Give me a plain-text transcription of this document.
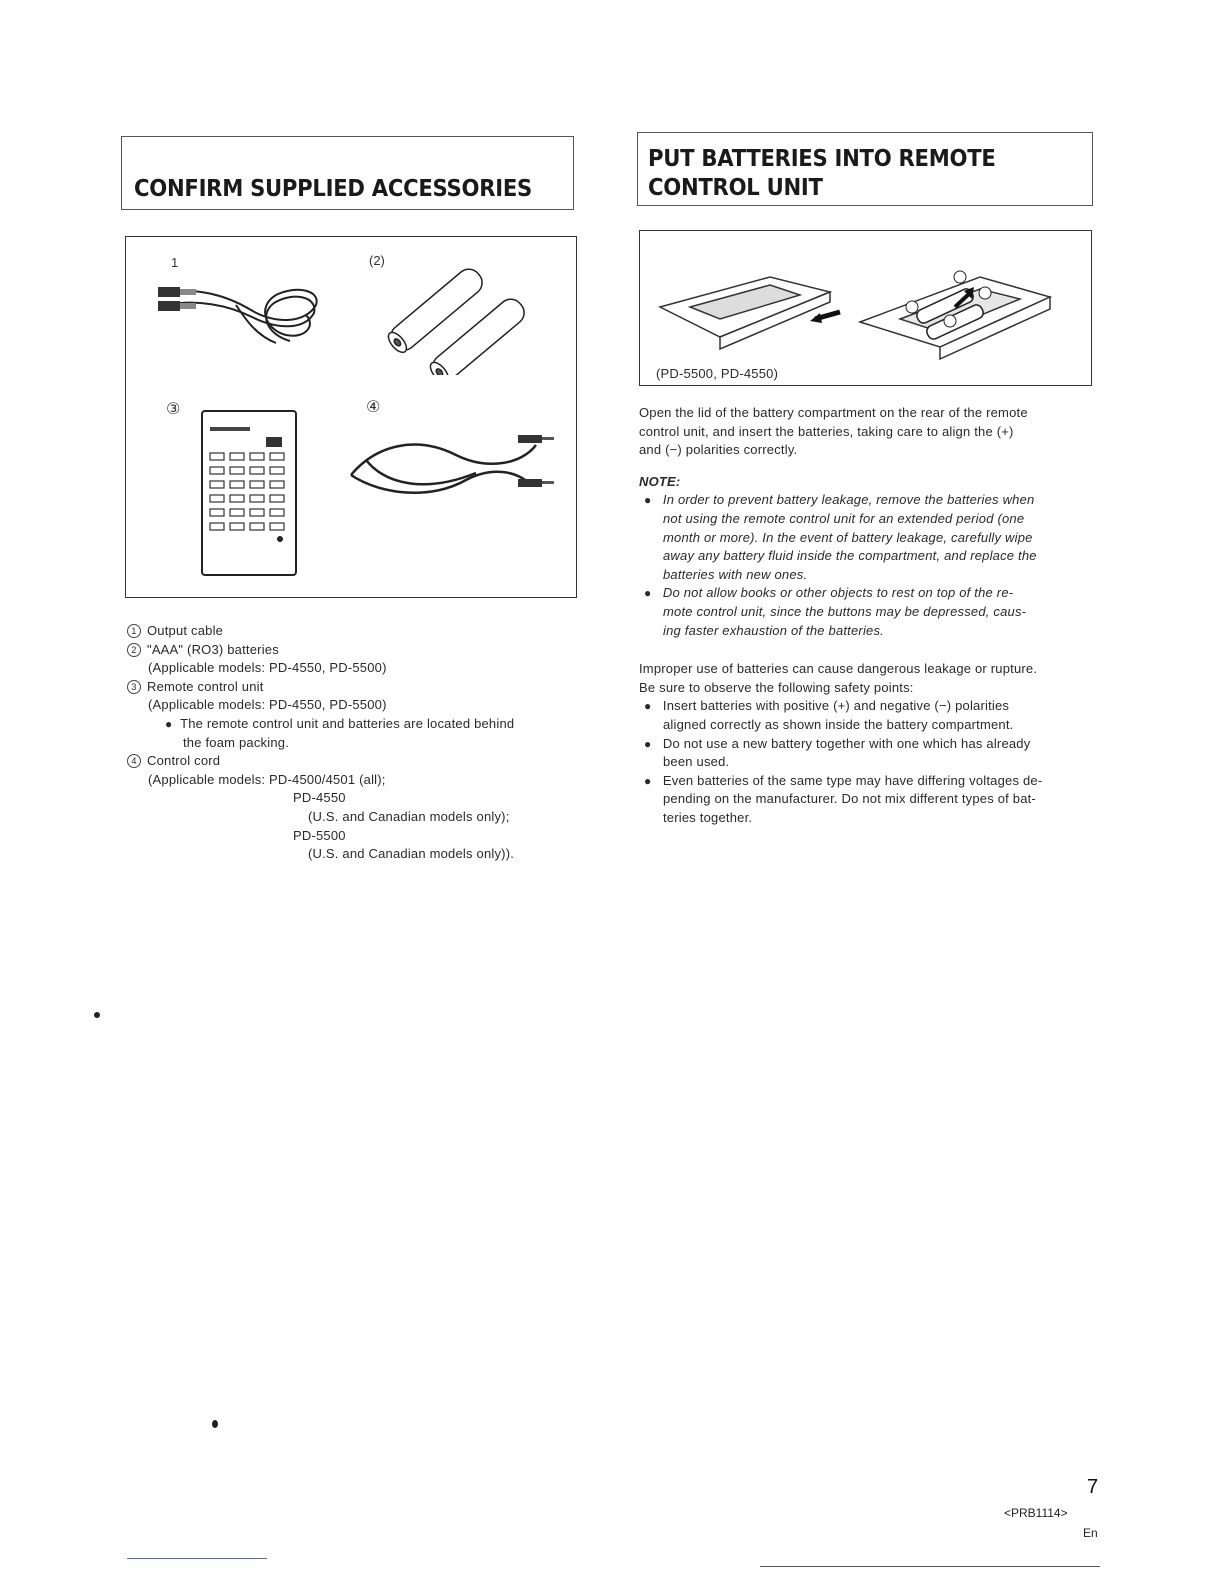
CONFIRM SUPPLIED ACCESSORIES
PUT BATTERIES INTO REMOTE
CONTROL UNIT
1	(2)
③	④
(PD-5500, PD-4550)
1 Output cable
2 "AAA" (RO3) batteries
(Applicable models: PD-4550, PD-5500)
3 Remote control unit
(Applicable models: PD-4550, PD-5500)
● The remote control unit and batteries are located behind
the foam packing.
4 Control cord
(Applicable models: PD-4500/4501 (all);
PD-4550
(U.S. and Canadian models only);
PD-5500
(U.S. and Canadian models only)).
Open the lid of the battery compartment on the rear of the remote
control unit, and insert the batteries, taking care to align the (+)
and (−) polarities correctly.
NOTE:
● In order to prevent battery leakage, remove the batteries when
not using the remote control unit for an extended period (one
month or more). In the event of battery leakage, carefully wipe
away any battery fluid inside the compartment, and replace the
batteries with new ones.
● Do not allow books or other objects to rest on top of the re-
mote control unit, since the buttons may be depressed, caus-
ing faster exhaustion of the batteries.
Improper use of batteries can cause dangerous leakage or rupture.
Be sure to observe the following safety points:
● Insert batteries with positive (+) and negative (−) polarities
aligned correctly as shown inside the battery compartment.
● Do not use a new battery together with one which has already
been used.
● Even batteries of the same type may have differing voltages de-
pending on the manufacturer. Do not mix different types of bat-
teries together.
7
<PRB1114>
En
